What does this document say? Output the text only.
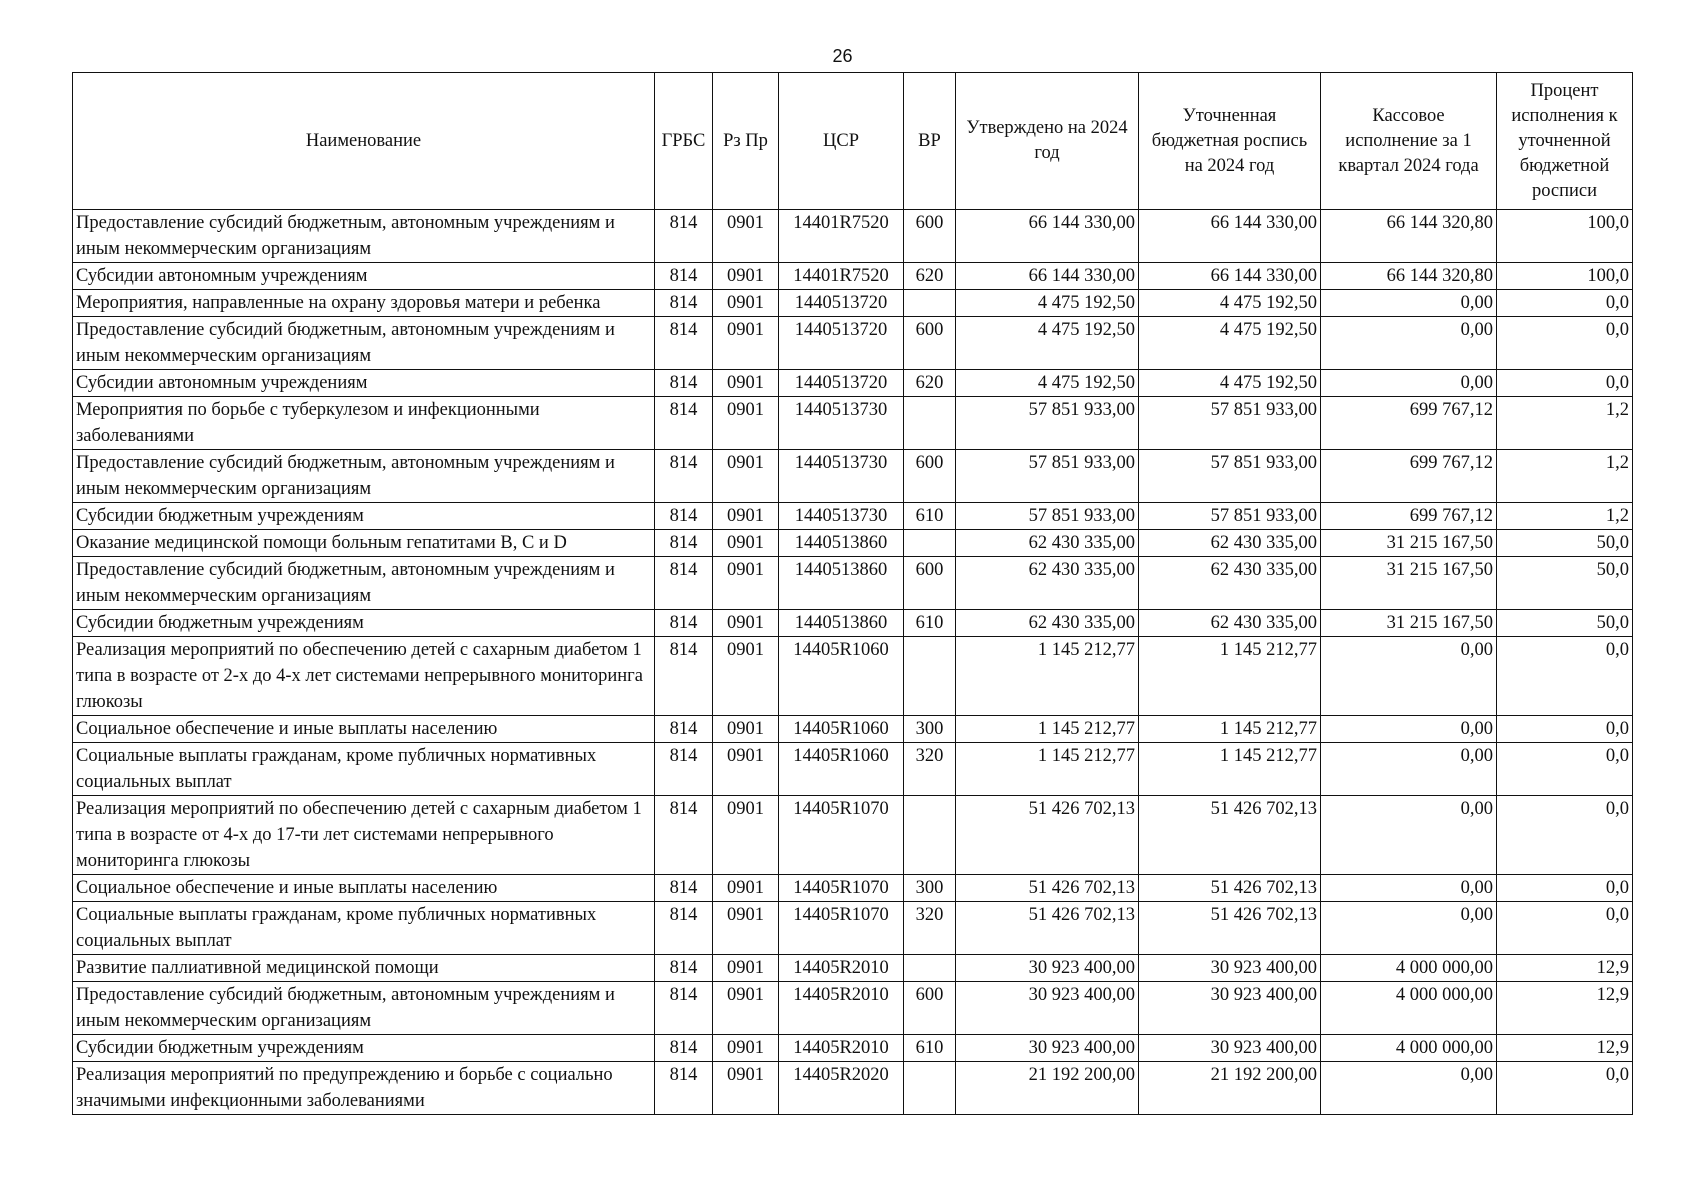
26
Наименование	ГРБС	Рз Пр	ЦСР	ВР	Утверждено на 2024 год	Уточненная бюджетная роспись на 2024 год	Кассовое исполнение за 1 квартал 2024 года	Процент исполнения к уточненной бюджетной росписи
Предоставление субсидий бюджетным, автономным учреждениям и иным некоммерческим организациям	814	0901	14401R7520	600	66 144 330,00	66 144 330,00	66 144 320,80	100,0
Субсидии автономным учреждениям	814	0901	14401R7520	620	66 144 330,00	66 144 330,00	66 144 320,80	100,0
Мероприятия, направленные на охрану здоровья матери и ребенка	814	0901	1440513720		4 475 192,50	4 475 192,50	0,00	0,0
Предоставление субсидий бюджетным, автономным учреждениям и иным некоммерческим организациям	814	0901	1440513720	600	4 475 192,50	4 475 192,50	0,00	0,0
Субсидии автономным учреждениям	814	0901	1440513720	620	4 475 192,50	4 475 192,50	0,00	0,0
Мероприятия по борьбе с туберкулезом и инфекционными заболеваниями	814	0901	1440513730		57 851 933,00	57 851 933,00	699 767,12	1,2
Предоставление субсидий бюджетным, автономным учреждениям и иным некоммерческим организациям	814	0901	1440513730	600	57 851 933,00	57 851 933,00	699 767,12	1,2
Субсидии бюджетным учреждениям	814	0901	1440513730	610	57 851 933,00	57 851 933,00	699 767,12	1,2
Оказание медицинской помощи больным гепатитами B, C и D	814	0901	1440513860		62 430 335,00	62 430 335,00	31 215 167,50	50,0
Предоставление субсидий бюджетным, автономным учреждениям и иным некоммерческим организациям	814	0901	1440513860	600	62 430 335,00	62 430 335,00	31 215 167,50	50,0
Субсидии бюджетным учреждениям	814	0901	1440513860	610	62 430 335,00	62 430 335,00	31 215 167,50	50,0
Реализация мероприятий по обеспечению детей с сахарным диабетом 1 типа в возрасте от 2-х до 4-х лет системами непрерывного мониторинга глюкозы	814	0901	14405R1060		1 145 212,77	1 145 212,77	0,00	0,0
Социальное обеспечение и иные выплаты населению	814	0901	14405R1060	300	1 145 212,77	1 145 212,77	0,00	0,0
Социальные выплаты гражданам, кроме публичных нормативных социальных выплат	814	0901	14405R1060	320	1 145 212,77	1 145 212,77	0,00	0,0
Реализация мероприятий по обеспечению детей с сахарным диабетом 1 типа в возрасте от 4-х до 17-ти лет системами непрерывного мониторинга глюкозы	814	0901	14405R1070		51 426 702,13	51 426 702,13	0,00	0,0
Социальное обеспечение и иные выплаты населению	814	0901	14405R1070	300	51 426 702,13	51 426 702,13	0,00	0,0
Социальные выплаты гражданам, кроме публичных нормативных социальных выплат	814	0901	14405R1070	320	51 426 702,13	51 426 702,13	0,00	0,0
Развитие паллиативной медицинской помощи	814	0901	14405R2010		30 923 400,00	30 923 400,00	4 000 000,00	12,9
Предоставление субсидий бюджетным, автономным учреждениям и иным некоммерческим организациям	814	0901	14405R2010	600	30 923 400,00	30 923 400,00	4 000 000,00	12,9
Субсидии бюджетным учреждениям	814	0901	14405R2010	610	30 923 400,00	30 923 400,00	4 000 000,00	12,9
Реализация мероприятий по предупреждению и борьбе с социально значимыми инфекционными заболеваниями	814	0901	14405R2020		21 192 200,00	21 192 200,00	0,00	0,0
